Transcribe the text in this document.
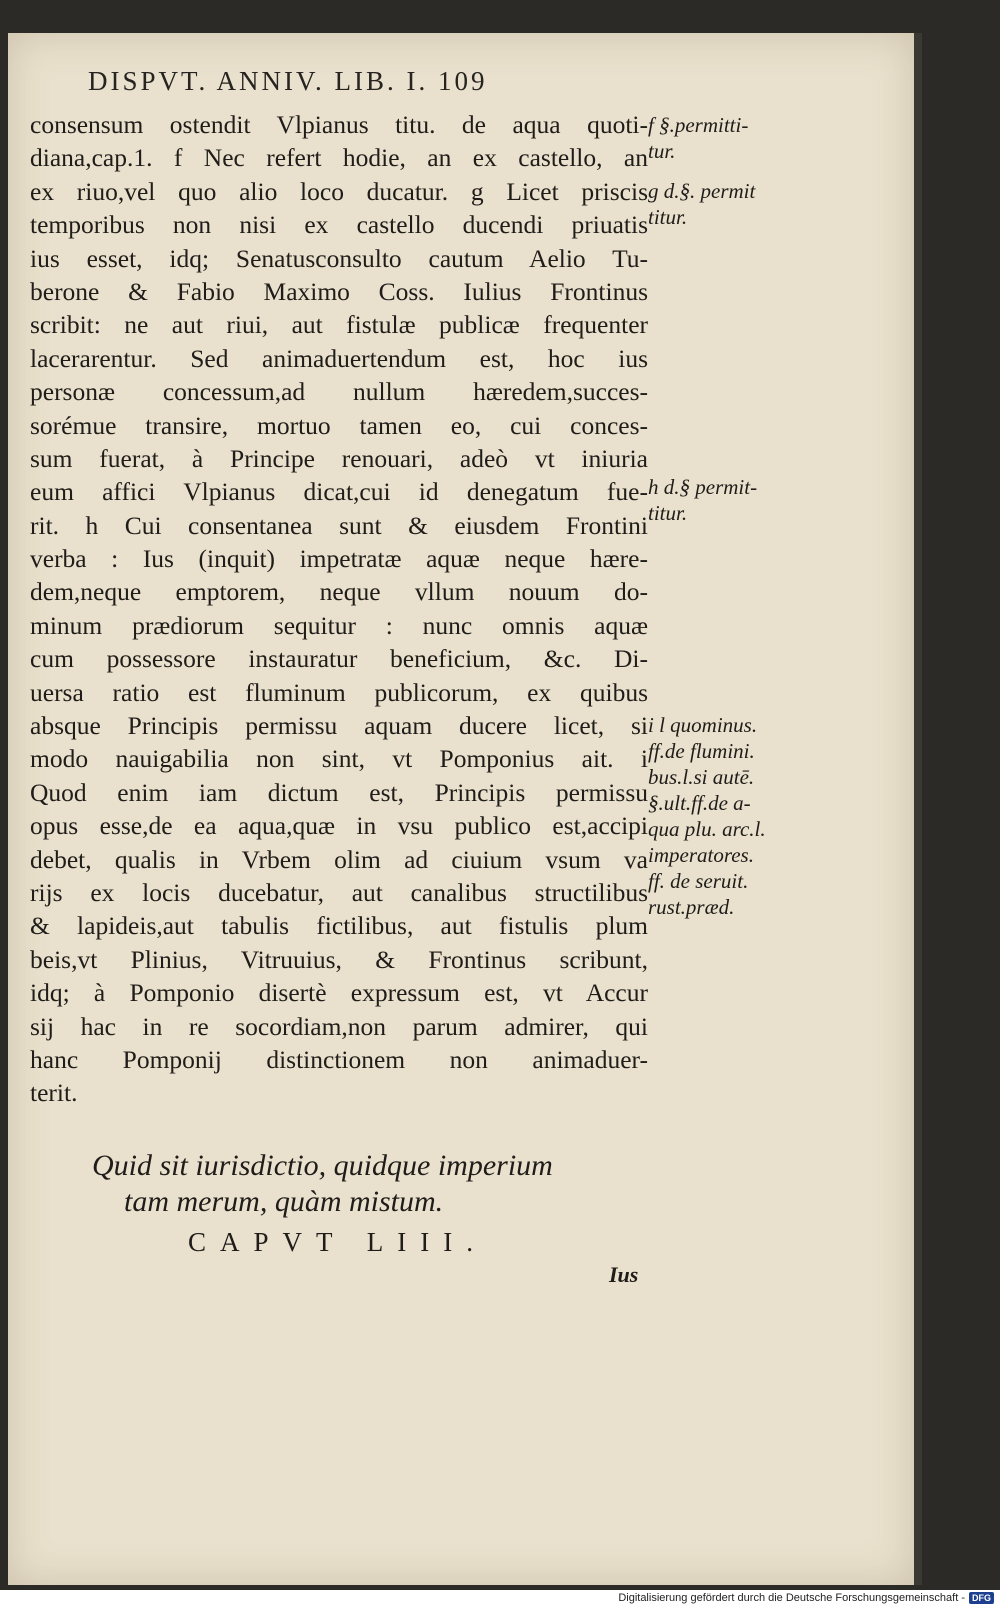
DISPVT. ANNIV. LIB. I. 109
consensum ostendit Vlpianus titu. de aqua quoti-
diana,cap.1. f Nec refert hodie, an ex castello, an
ex riuo,vel quo alio loco ducatur. g Licet priscis
temporibus non nisi ex castello ducendi priuatis
ius esset, idq; Senatusconsulto cautum Aelio Tu-
berone & Fabio Maximo Coss. Iulius Frontinus
scribit: ne aut riui, aut fistulæ publicæ frequenter
lacerarentur. Sed animaduertendum est, hoc ius
personæ concessum,ad nullum hæredem,succes-
sorémue transire, mortuo tamen eo, cui conces-
sum fuerat, à Principe renouari, adeò vt iniuria
eum affici Vlpianus dicat,cui id denegatum fue-
rit. h Cui consentanea sunt & eiusdem Frontini
verba : Ius (inquit) impetratæ aquæ neque hære-
dem,neque emptorem, neque vllum nouum do-
minum prædiorum sequitur : nunc omnis aquæ
cum possessore instauratur beneficium, &c. Di-
uersa ratio est fluminum publicorum, ex quibus
absque Principis permissu aquam ducere licet, si
modo nauigabilia non sint, vt Pomponius ait. i
Quod enim iam dictum est, Principis permissu
opus esse,de ea aqua,quæ in vsu publico est,accipi
debet, qualis in Vrbem olim ad ciuium vsum va
rijs ex locis ducebatur, aut canalibus structilibus
& lapideis,aut tabulis fictilibus, aut fistulis plum
beis,vt Plinius, Vitruuius, & Frontinus scribunt,
idq; à Pomponio disertè expressum est, vt Accur
sij hac in re socordiam,non parum admirer, qui
hanc Pomponij distinctionem non animaduer-
terit.
f §.permitti-
tur.
g d.§. permit
titur.
h d.§ permit-
titur.
i l quominus.
ff.de flumini.
bus.l.si autē.
§.ult.ff.de a-
qua plu. arc.l.
imperatores.
ff. de seruit.
rust.præd.
Quid sit iurisdictio, quidque imperium
tam merum, quàm mistum.
CAPVT LIII.
Ius
Digitalisierung gefördert durch die Deutsche Forschungsgemeinschaft - DFG
